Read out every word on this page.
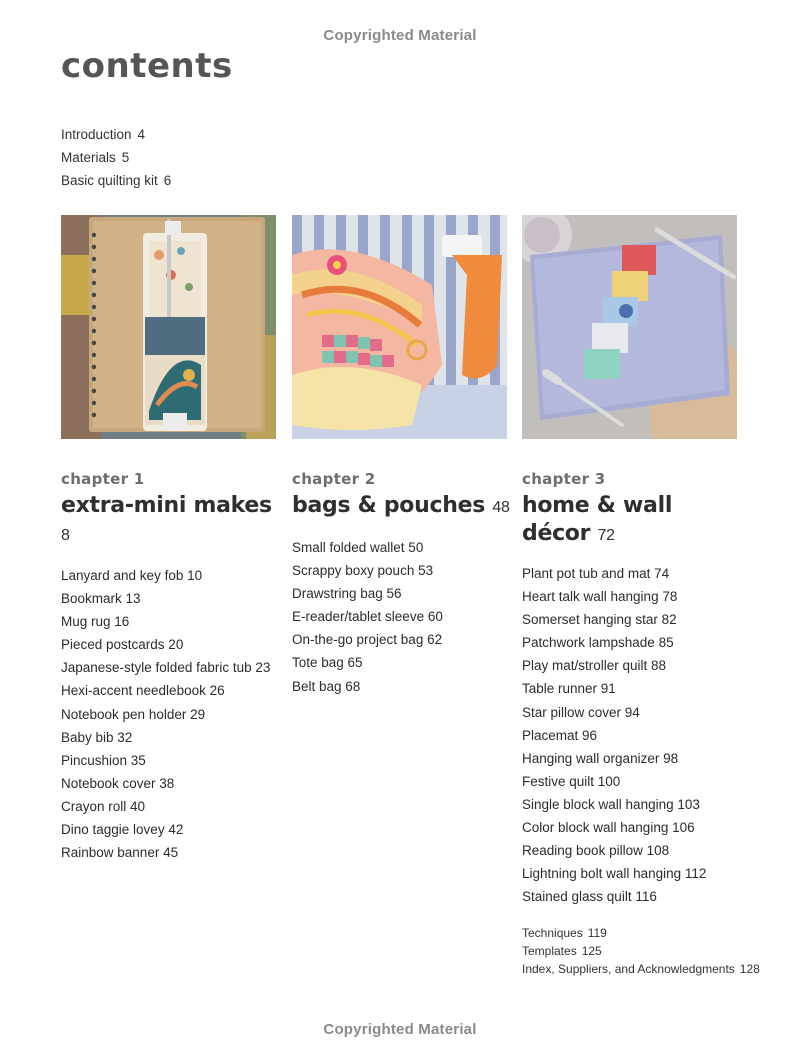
Copyrighted Material
contents
Introduction 4
Materials 5
Basic quilting kit 6
chapter 1
extra-mini makes 8
Lanyard and key fob 10
Bookmark 13
Mug rug 16
Pieced postcards 20
Japanese-style folded fabric tub 23
Hexi-accent needlebook 26
Notebook pen holder 29
Baby bib 32
Pincushion 35
Notebook cover 38
Crayon roll 40
Dino taggie lovey 42
Rainbow banner 45
chapter 2
bags & pouches 48
Small folded wallet 50
Scrappy boxy pouch 53
Drawstring bag 56
E-reader/tablet sleeve 60
On-the-go project bag 62
Tote bag 65
Belt bag 68
chapter 3
home & wall
décor 72
Plant pot tub and mat 74
Heart talk wall hanging 78
Somerset hanging star 82
Patchwork lampshade 85
Play mat/stroller quilt 88
Table runner 91
Star pillow cover 94
Placemat 96
Hanging wall organizer 98
Festive quilt 100
Single block wall hanging 103
Color block wall hanging 106
Reading book pillow 108
Lightning bolt wall hanging 112
Stained glass quilt 116
Techniques 119
Templates 125
Index, Suppliers, and Acknowledgments 128
Copyrighted Material
